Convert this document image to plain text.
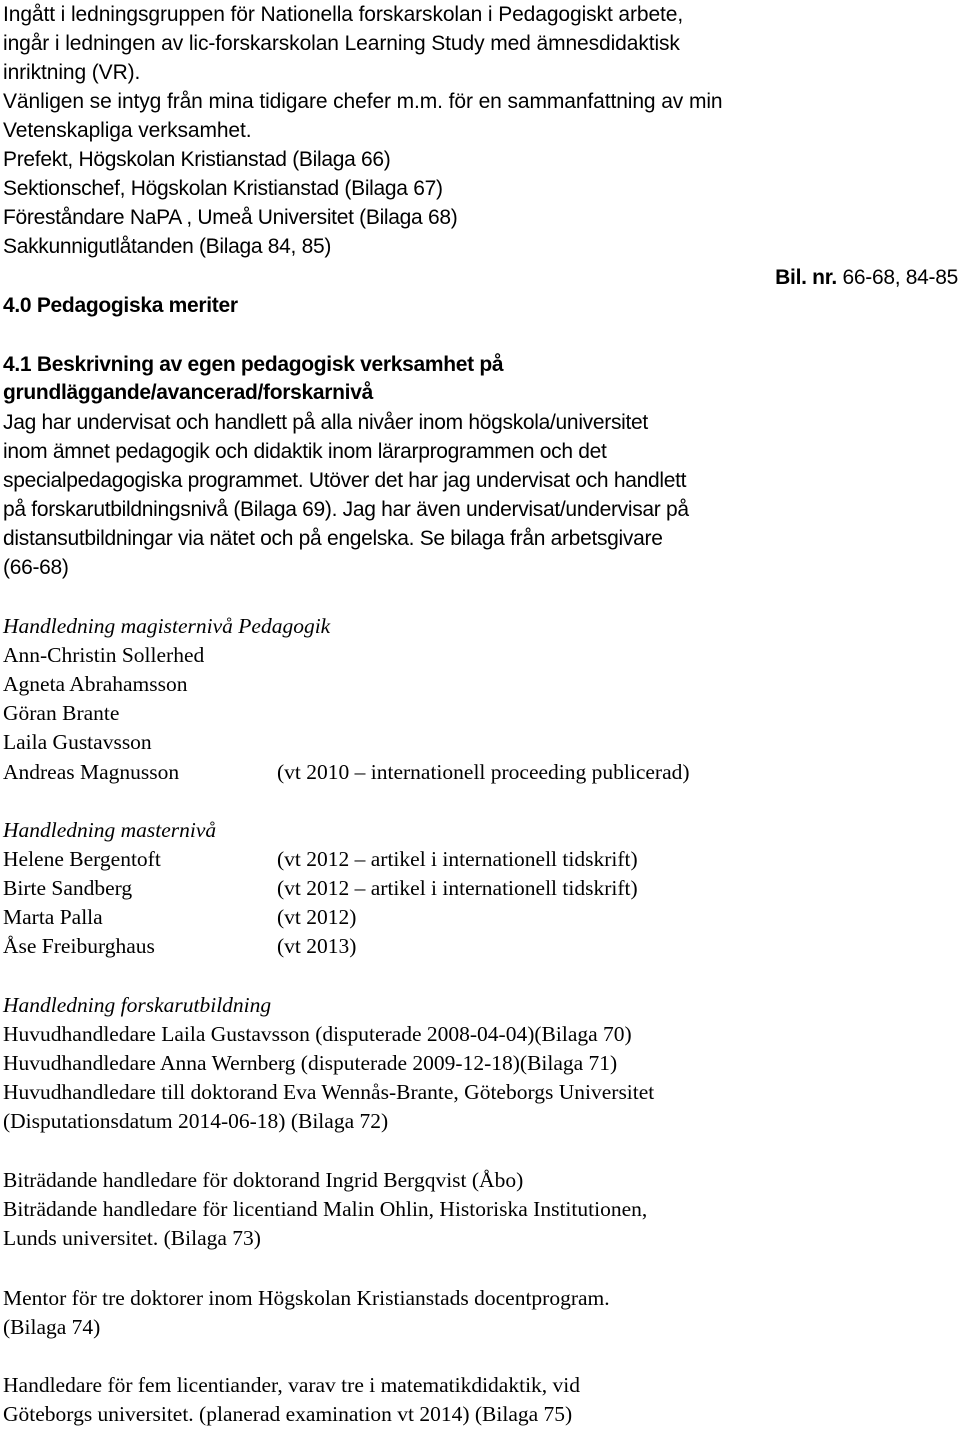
Ingått i ledningsgruppen för Nationella forskarskolan i Pedagogiskt arbete,
ingår i ledningen av lic-forskarskolan Learning Study med ämnesdidaktisk
inriktning (VR).
Vänligen se intyg från mina tidigare chefer m.m. för en sammanfattning av min
Vetenskapliga verksamhet.
Prefekt, Högskolan Kristianstad (Bilaga 66)
Sektionschef, Högskolan Kristianstad (Bilaga 67)
Föreståndare NaPA , Umeå Universitet (Bilaga 68)
Sakkunnigutlåtanden (Bilaga 84, 85)
Bil. nr. 66-68, 84-85
4.0 Pedagogiska meriter
4.1 Beskrivning av egen pedagogisk verksamhet på
grundläggande/avancerad/forskarnivå
Jag har undervisat och handlett på alla nivåer inom högskola/universitet
inom ämnet pedagogik och didaktik inom lärarprogrammen och det
specialpedagogiska programmet. Utöver det har jag undervisat och handlett
på forskarutbildningsnivå (Bilaga 69). Jag har även undervisat/undervisar på
distansutbildningar via nätet och på engelska. Se bilaga från arbetsgivare
(66-68)
Handledning magisternivå Pedagogik
Ann-Christin Sollerhed
Agneta Abrahamsson
Göran Brante
Laila Gustavsson
Andreas Magnusson	(vt 2010 – internationell proceeding publicerad)
Handledning masternivå
Helene Bergentoft	(vt 2012 – artikel i internationell tidskrift)
Birte Sandberg	(vt 2012 – artikel i internationell tidskrift)
Marta Palla	(vt 2012)
Åse Freiburghaus	(vt 2013)
Handledning forskarutbildning
Huvudhandledare Laila Gustavsson (disputerade 2008-04-04)(Bilaga 70)
Huvudhandledare Anna Wernberg (disputerade 2009-12-18)(Bilaga 71)
Huvudhandledare till doktorand Eva Wennås-Brante, Göteborgs Universitet
(Disputationsdatum 2014-06-18) (Bilaga 72)
Biträdande handledare för doktorand Ingrid Bergqvist (Åbo)
Biträdande handledare för licentiand Malin Ohlin, Historiska Institutionen,
Lunds universitet. (Bilaga 73)
Mentor för tre doktorer inom Högskolan Kristianstads docentprogram.
(Bilaga 74)
Handledare för fem licentiander, varav tre i matematikdidaktik, vid
Göteborgs universitet. (planerad examination vt 2014) (Bilaga 75)
